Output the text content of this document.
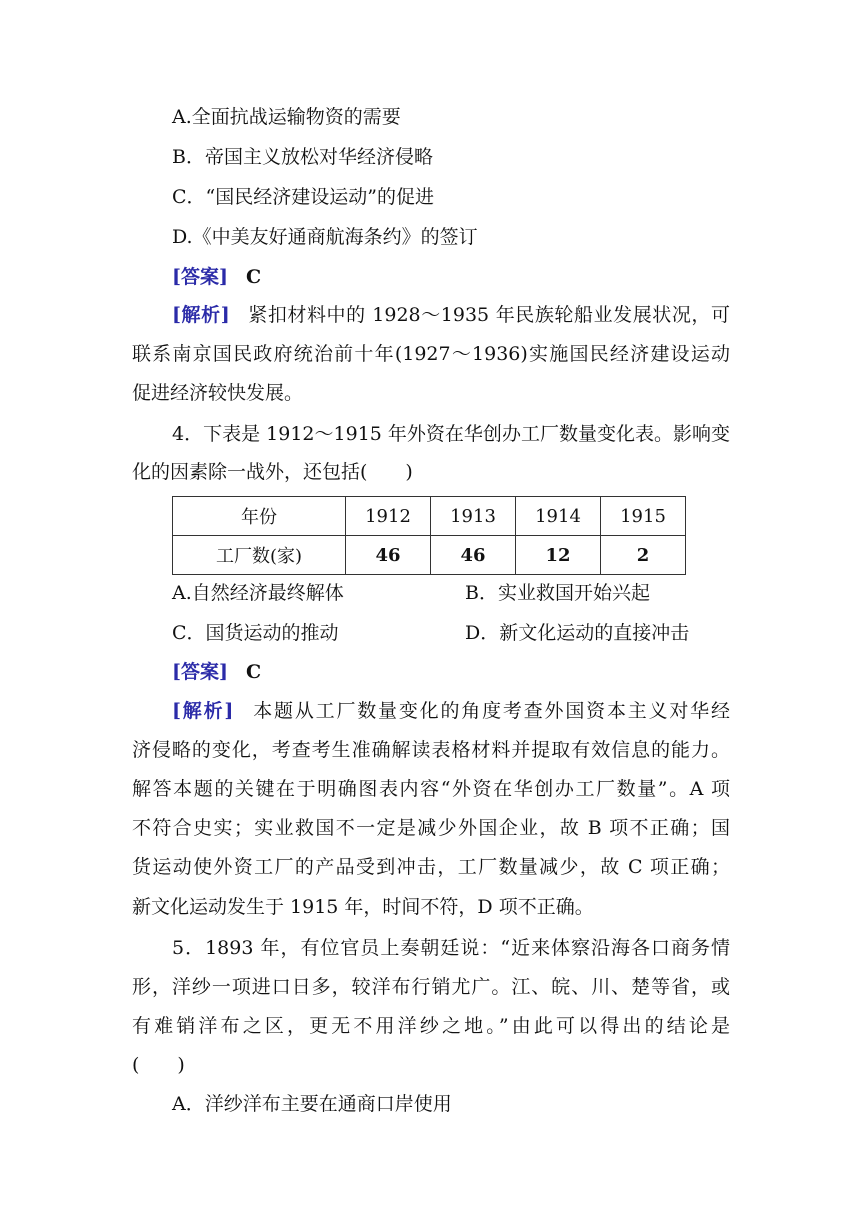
A.全面抗战运输物资的需要
B．帝国主义放松对华经济侵略
C．“国民经济建设运动”的促进
D.《中美友好通商航海条约》的签订
[答案] C
[解析] 紧扣材料中的 1928～1935 年民族轮船业发展状况，可
联系南京国民政府统治前十年(1927～1936)实施国民经济建设运动
促进经济较快发展。
4．下表是 1912～1915 年外资在华创办工厂数量变化表。影响变
化的因素除一战外，还包括(　　)
年份	1912	1913	1914	1915
工厂数(家)	46	46	12	2
A.自然经济最终解体	B．实业救国开始兴起
C．国货运动的推动	D．新文化运动的直接冲击
[答案] C
[解析] 本题从工厂数量变化的角度考查外国资本主义对华经
济侵略的变化，考查考生准确解读表格材料并提取有效信息的能力。
解答本题的关键在于明确图表内容“外资在华创办工厂数量”。A 项
不符合史实；实业救国不一定是减少外国企业，故 B 项不正确；国
货运动使外资工厂的产品受到冲击，工厂数量减少，故 C 项正确；
新文化运动发生于 1915 年，时间不符，D 项不正确。
5．1893 年，有位官员上奏朝廷说：“近来体察沿海各口商务情
形，洋纱一项进口日多，较洋布行销尤广。江、皖、川、楚等省，或
有难销洋布之区，更无不用洋纱之地。”由此可以得出的结论是
(　　)
A．洋纱洋布主要在通商口岸使用
